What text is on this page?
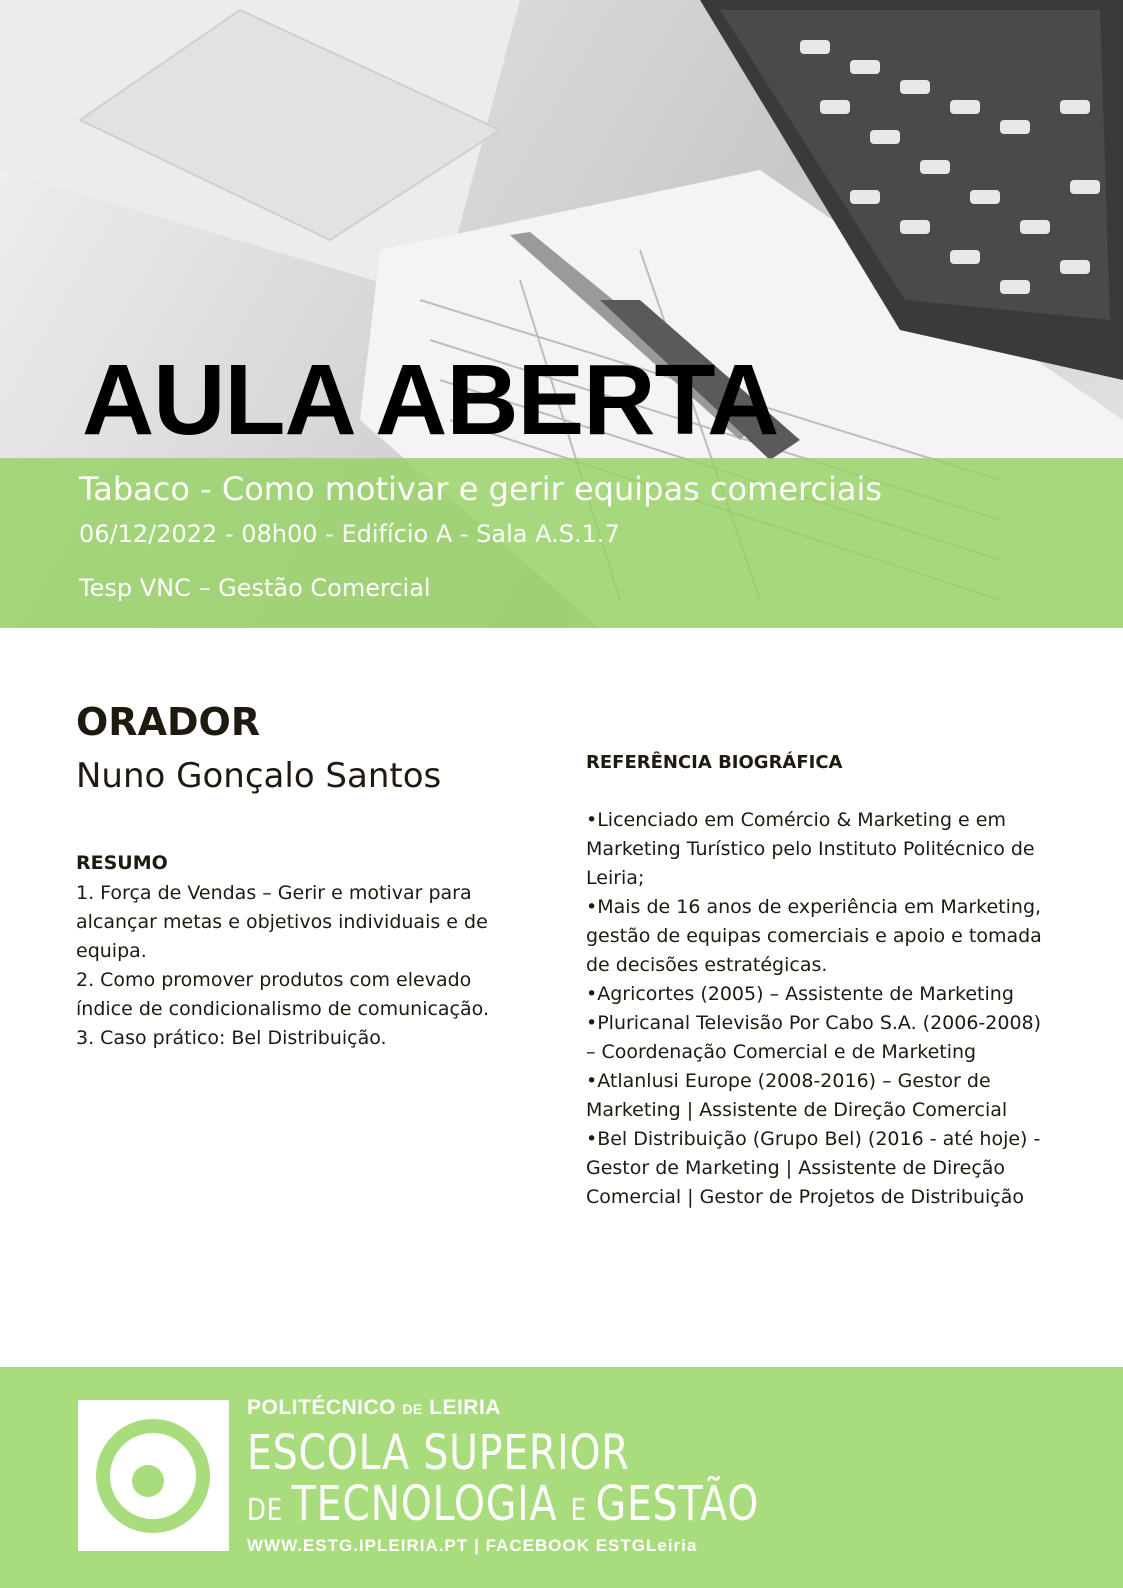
AULA ABERTA
Tabaco - Como motivar e gerir equipas comerciais
06/12/2022 - 08h00 - Edifício A - Sala A.S.1.7
Tesp VNC – Gestão Comercial
ORADOR
Nuno Gonçalo Santos
RESUMO

1. Força de Vendas – Gerir e motivar para alcançar metas e objetivos individuais e de equipa.

2. Como promover produtos com elevado índice de condicionalismo de comunicação.

3. Caso prático: Bel Distribuição.

REFERÊNCIA BIOGRÁFICA

•Licenciado em Comércio & Marketing e em Marketing Turístico pelo Instituto Politécnico de Leiria;

•Mais de 16 anos de experiência em Marketing, gestão de equipas comerciais e apoio e tomada de decisões estratégicas.

•Agricortes (2005) – Assistente de Marketing

•Pluricanal Televisão Por Cabo S.A. (2006-2008) – Coordenação Comercial e de Marketing

•Atlanlusi Europe (2008-2016) – Gestor de Marketing | Assistente de Direção Comercial

•Bel Distribuição (Grupo Bel) (2016 - até hoje) - Gestor de Marketing | Assistente de Direção Comercial | Gestor de Projetos de Distribuição

POLITÉCNICO DE LEIRIA
ESCOLA SUPERIOR
DE TECNOLOGIA E GESTÃO
WWW.ESTG.IPLEIRIA.PT | FACEBOOK ESTGLeiria
